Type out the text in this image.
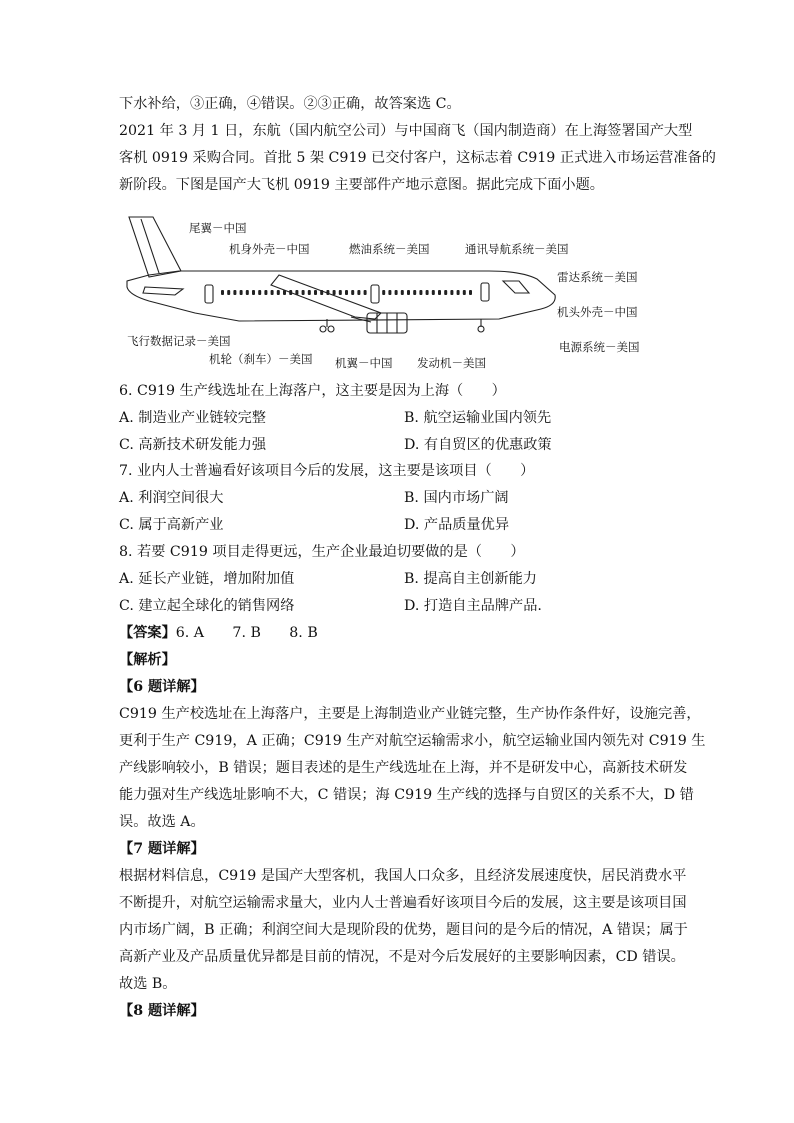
下水补给，③正确，④错误。②③正确，故答案选 C。
2021 年 3 月 1 日，东航（国内航空公司）与中国商飞（国内制造商）在上海签署国产大型
客机 0919 采购合同。首批 5 架 C919 已交付客户，这标志着 C919 正式进入市场运营准备的
新阶段。下图是国产大飞机 0919 主要部件产地示意图。据此完成下面小题。
尾翼－中国
机身外壳－中国	燃油系统－美国	通讯导航系统－美国
雷达系统－美国
机头外壳－中国
电源系统－美国
飞行数据记录－美国
机轮（刹车）－美国 机翼－中国 发动机－美国
6. C919 生产线选址在上海落户，这主要是因为上海（　　）
A. 制造业产业链较完整	B. 航空运输业国内领先
C. 高新技术研发能力强	D. 有自贸区的优惠政策
7. 业内人士普遍看好该项目今后的发展，这主要是该项目（　　）
A. 利润空间很大	B. 国内市场广阔
C. 属于高新产业	D. 产品质量优异
8. 若要 C919 项目走得更远，生产企业最迫切要做的是（　　）
A. 延长产业链，增加附加值	B. 提高自主创新能力
C. 建立起全球化的销售网络	D. 打造自主品牌产品.
【答案】6. A　　7. B　　8. B
【解析】
【6 题详解】
C919 生产校选址在上海落户，主要是上海制造业产业链完整，生产协作条件好，设施完善，
更利于生产 C919，A 正确；C919 生产对航空运输需求小，航空运输业国内领先对 C919 生
产线影响较小，B 错误；题目表述的是生产线选址在上海，并不是研发中心，高新技术研发
能力强对生产线选址影响不大，C 错误；海 C919 生产线的选择与自贸区的关系不大，D 错
误。故选 A。
【7 题详解】
根据材料信息，C919 是国产大型客机，我国人口众多，且经济发展速度快，居民消费水平
不断提升，对航空运输需求量大，业内人士普遍看好该项目今后的发展，这主要是该项目国
内市场广阔，B 正确；利润空间大是现阶段的优势，题目问的是今后的情况，A 错误；属于
高新产业及产品质量优异都是目前的情况，不是对今后发展好的主要影响因素，CD 错误。
故选 B。
【8 题详解】
